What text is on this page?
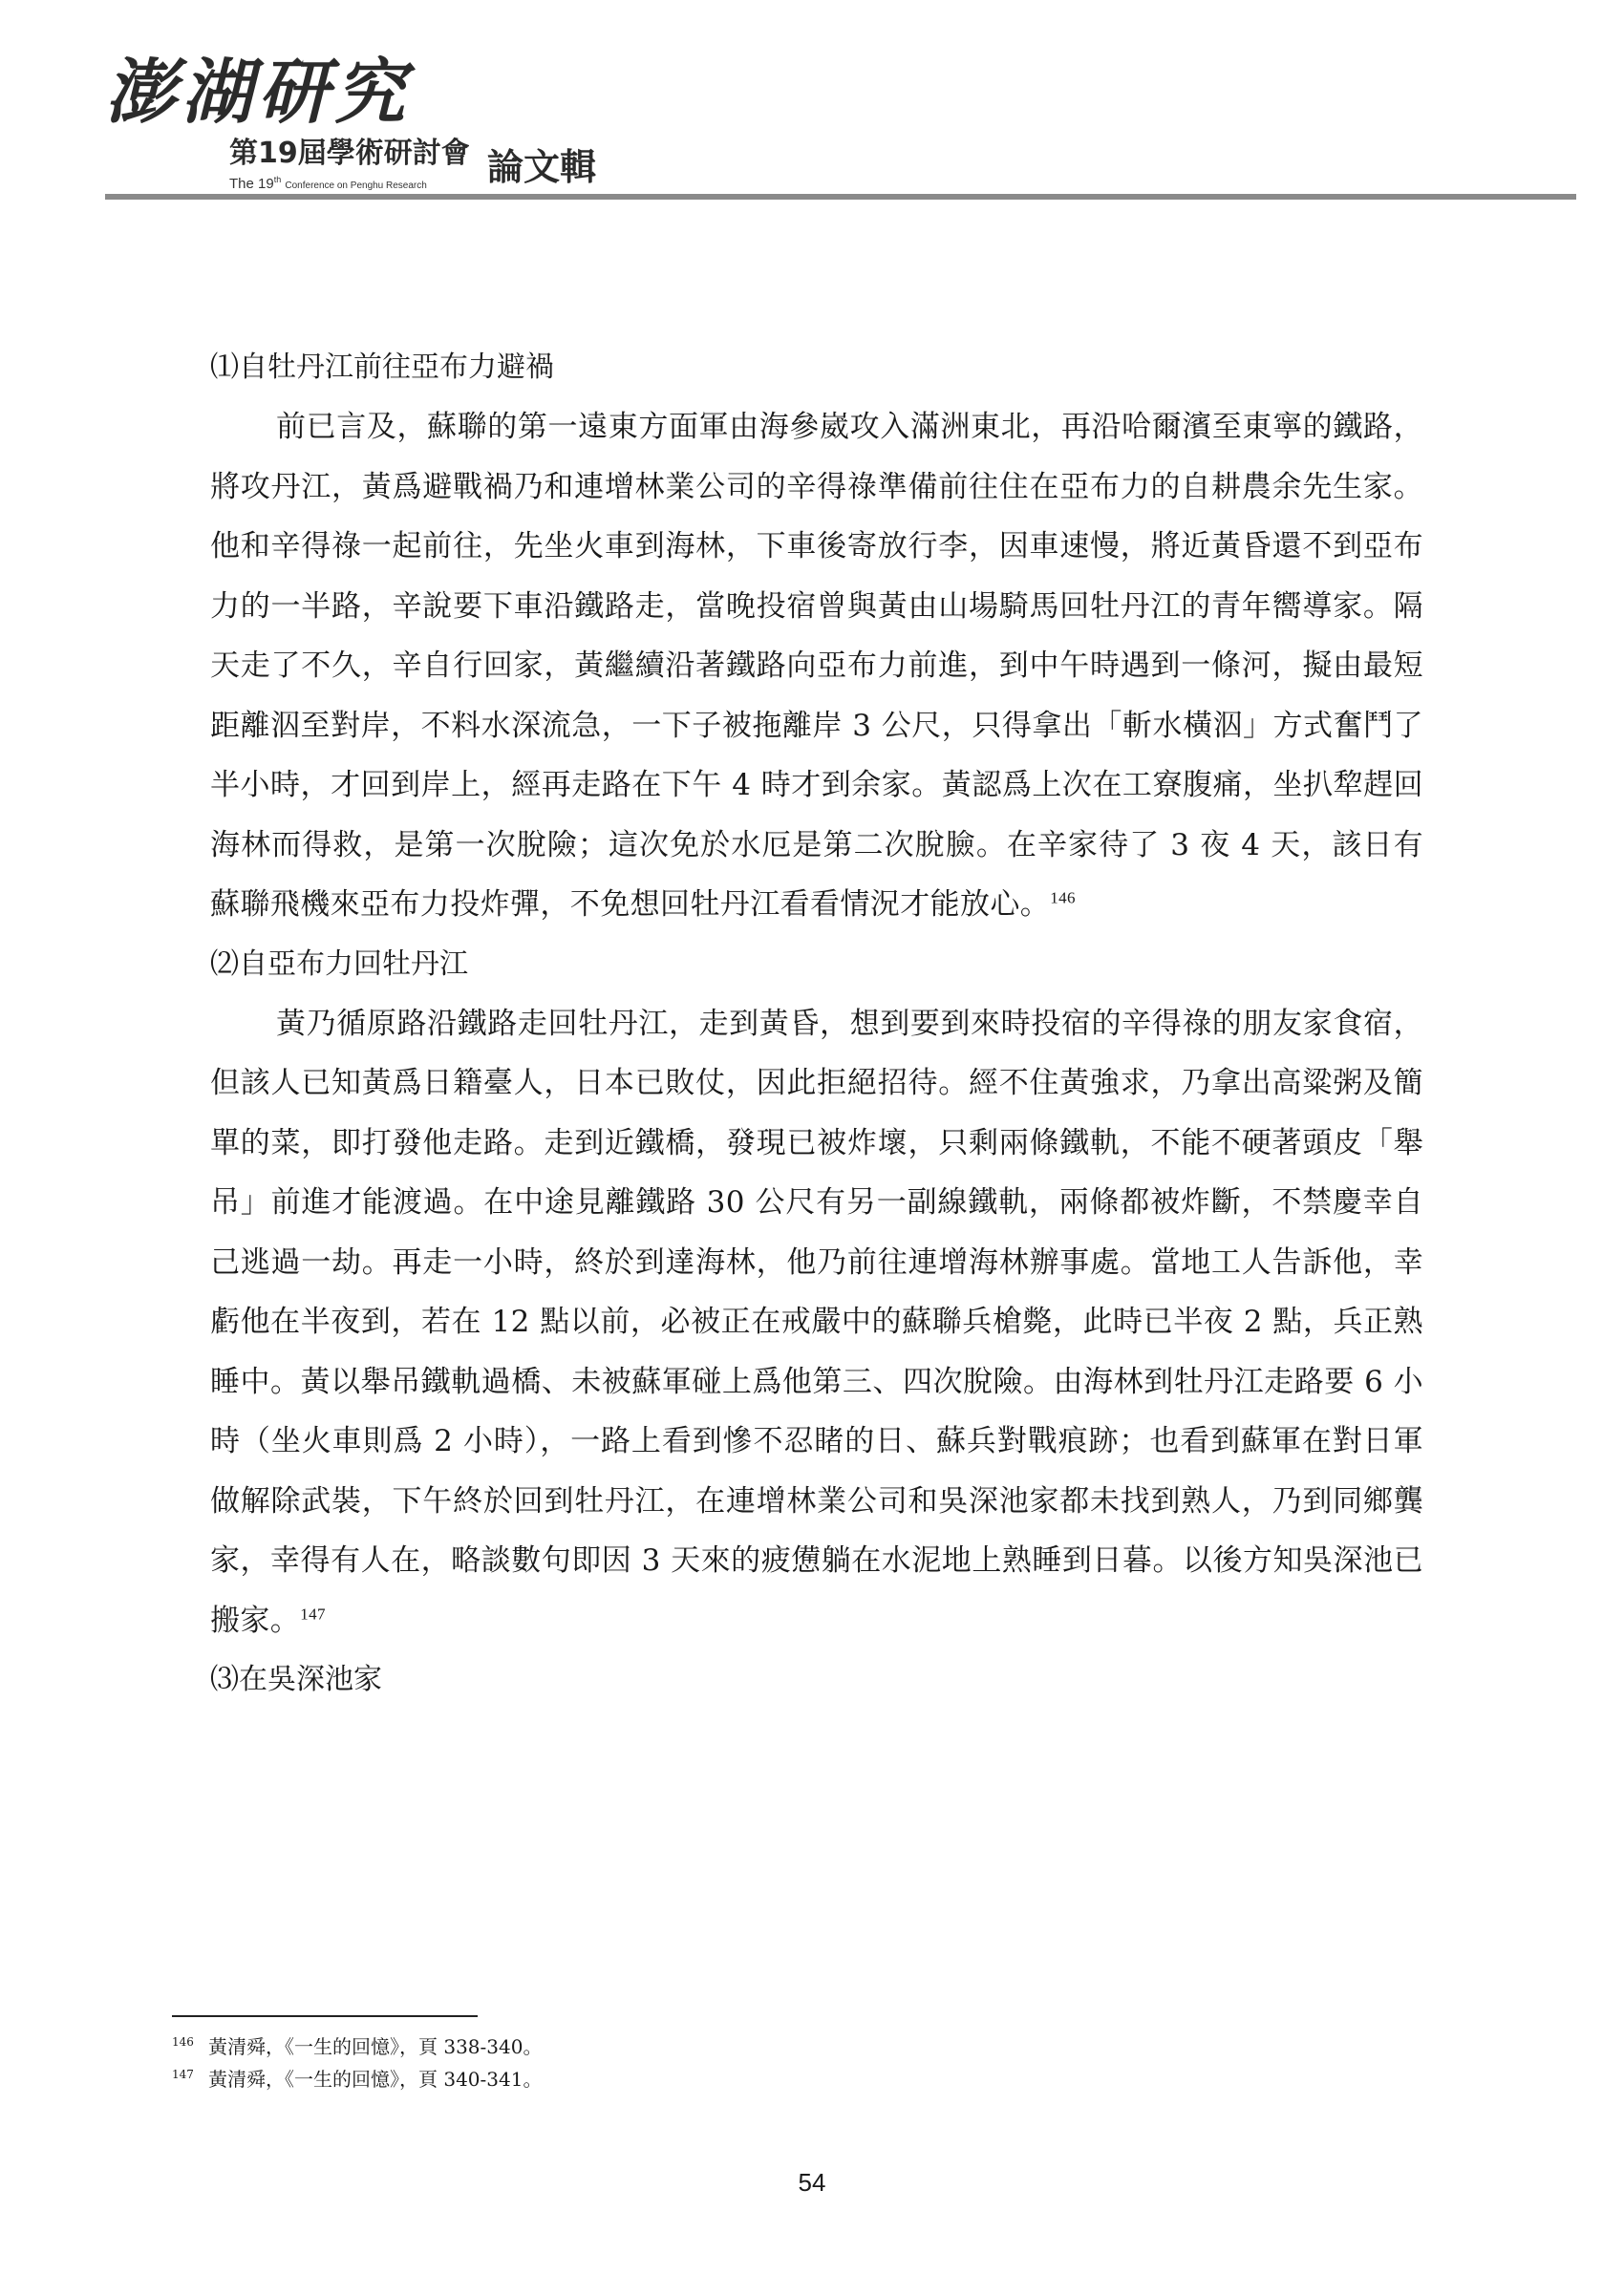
澎湖研究
第19屆學術研討會
The 19th Conference on Penghu Research 論文輯

⑴自牡丹江前往亞布力避禍

前已言及，蘇聯的第一遠東方面軍由海參崴攻入滿洲東北，再沿哈爾濱至東寧的鐵路，將攻丹江，黃爲避戰禍乃和連增林業公司的辛得祿準備前往住在亞布力的自耕農余先生家。他和辛得祿一起前往，先坐火車到海林，下車後寄放行李，因車速慢，將近黃昏還不到亞布力的一半路，辛說要下車沿鐵路走，當晚投宿曾與黃由山場騎馬回牡丹江的青年嚮導家。隔天走了不久，辛自行回家，黃繼續沿著鐵路向亞布力前進，到中午時遇到一條河，擬由最短距離泅至對岸，不料水深流急，一下子被拖離岸 3 公尺，只得拿出「斬水橫泅」方式奮鬥了半小時，才回到岸上，經再走路在下午 4 時才到余家。黃認爲上次在工寮腹痛，坐扒犂趕回海林而得救，是第一次脫險；這次免於水厄是第二次脫臉。在辛家待了 3 夜 4 天，該日有蘇聯飛機來亞布力投炸彈，不免想回牡丹江看看情況才能放心。$^{146}$

⑵自亞布力回牡丹江

黃乃循原路沿鐵路走回牡丹江，走到黃昏，想到要到來時投宿的辛得祿的朋友家食宿，但該人已知黃爲日籍臺人，日本已敗仗，因此拒絕招待。經不住黃強求，乃拿出高粱粥及簡單的菜，即打發他走路。走到近鐵橋，發現已被炸壞，只剩兩條鐵軌，不能不硬著頭皮「舉吊」前進才能渡過。在中途見離鐵路 30 公尺有另一副線鐵軌，兩條都被炸斷，不禁慶幸自己逃過一劫。再走一小時，終於到達海林，他乃前往連增海林辦事處。當地工人告訴他，幸虧他在半夜到，若在 12 點以前，必被正在戒嚴中的蘇聯兵槍斃，此時已半夜 2 點，兵正熟睡中。黃以舉吊鐵軌過橋、未被蘇軍碰上爲他第三、四次脫險。由海林到牡丹江走路要 6 小時（坐火車則爲 2 小時），一路上看到慘不忍睹的日、蘇兵對戰痕跡；也看到蘇軍在對日軍做解除武裝，下午終於回到牡丹江，在連增林業公司和吳深池家都未找到熟人，乃到同鄉龔家，幸得有人在，略談數句即因 3 天來的疲憊躺在水泥地上熟睡到日暮。以後方知吳深池已搬家。$^{147}$

⑶在吳深池家

146 黃清舜，《一生的回憶》，頁 338-340。

147 黃清舜，《一生的回憶》，頁 340-341。

54
